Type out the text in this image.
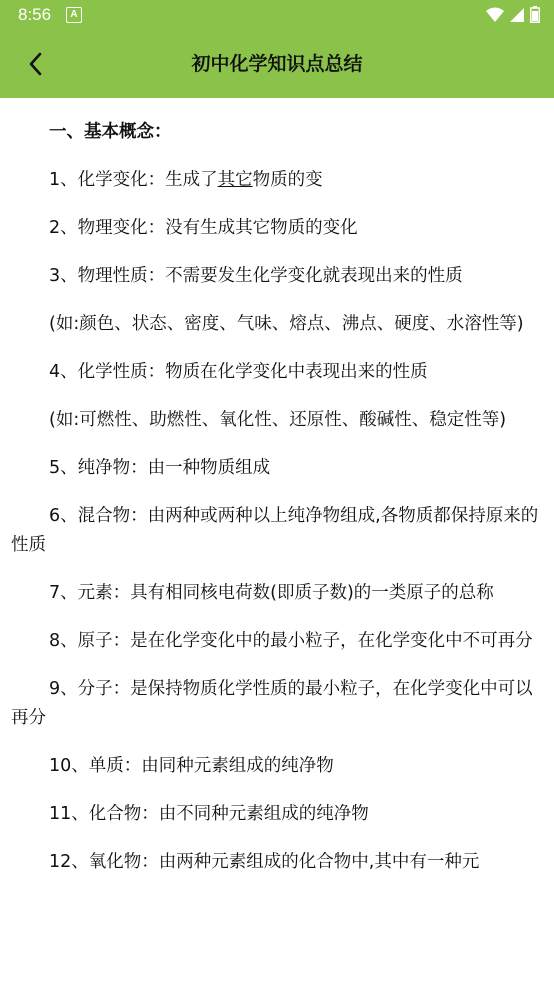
8:56	A
初中化学知识点总结

一、基本概念：

1、化学变化：生成了其它物质的变

2、物理变化：没有生成其它物质的变化

3、物理性质：不需要发生化学变化就表现出来的性质

(如:颜色、状态、密度、气味、熔点、沸点、硬度、水溶性等)

4、化学性质：物质在化学变化中表现出来的性质

(如:可燃性、助燃性、氧化性、还原性、酸碱性、稳定性等)

5、纯净物：由一种物质组成

6、混合物：由两种或两种以上纯净物组成,各物质都保持原来的性质

7、元素：具有相同核电荷数(即质子数)的一类原子的总称

8、原子：是在化学变化中的最小粒子，在化学变化中不可再分

9、分子：是保持物质化学性质的最小粒子，在化学变化中可以再分

10、单质：由同种元素组成的纯净物

11、化合物：由不同种元素组成的纯净物

12、氧化物：由两种元素组成的化合物中,其中有一种元
